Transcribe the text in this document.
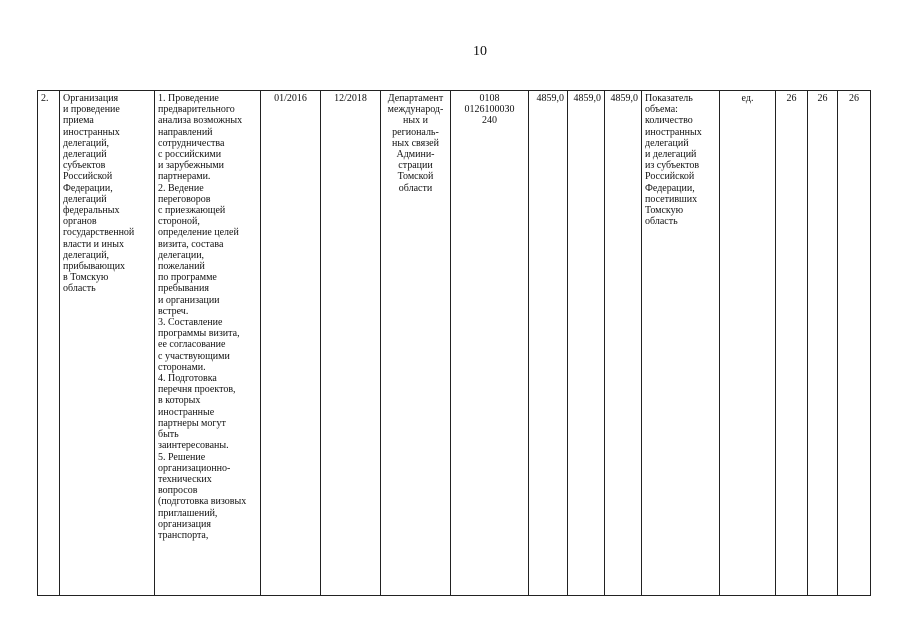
10
2.	Организация
и проведение
приема
иностранных
делегаций,
делегаций
субъектов
Российской
Федерации,
делегаций
федеральных
органов
государственной
власти и иных
делегаций,
прибывающих
в Томскую
область	1. Проведение
предварительного
анализа возможных
направлений
сотрудничества
с российскими
и зарубежными
партнерами.
2. Ведение
переговоров
с приезжающей
стороной,
определение целей
визита, состава
делегации,
пожеланий
по программе
пребывания
и организации
встреч.
3. Составление
программы визита,
ее согласование
с участвующими
сторонами.
4. Подготовка
перечня проектов,
в которых
иностранные
партнеры могут
быть
заинтересованы.
5. Решение
организационно-
технических
вопросов
(подготовка визовых
приглашений,
организация
транспорта,	01/2016	12/2018	Департамент
международ-
ных и
региональ-
ных связей
Админи-
страции
Томской
области	0108
01261000З0
240	4859,0	4859,0	4859,0	Показатель
объема:
количество
иностранных
делегаций
и делегаций
из субъектов
Российской
Федерации,
посетивших
Томскую
область	ед.	26	26	26
